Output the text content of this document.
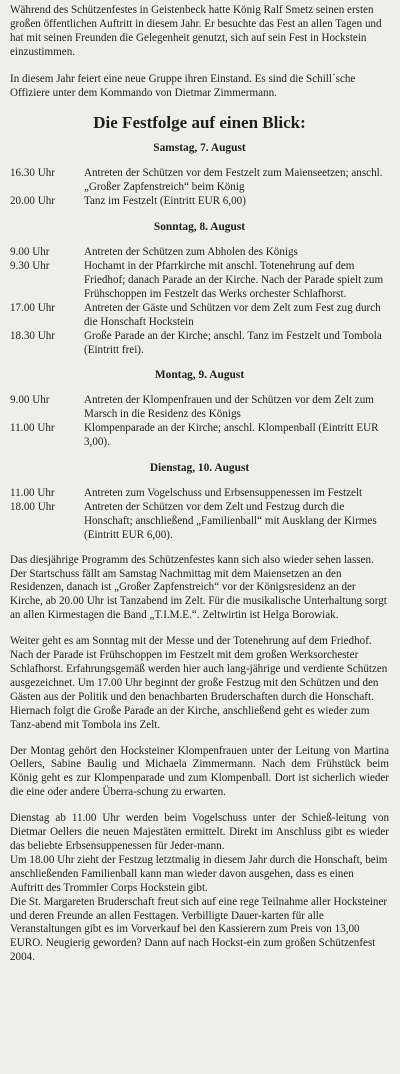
Während des Schützenfestes in Geistenbeck hatte König Ralf Smetz seinen ersten großen öffentlichen Auftritt in diesem Jahr. Er besuchte das Fest an allen Tagen und hat mit seinen Freunden die Gelegenheit genutzt, sich auf sein Fest in Hockstein einzustimmen.

In diesem Jahr feiert eine neue Gruppe ihren Einstand. Es sind die Schill´sche Offiziere unter dem Kommando von Dietmar Zimmermann.

Die Festfolge auf einen Blick:
Samstag, 7. August
16.30 Uhr	Antreten der Schützen vor dem Festzelt zum Maienseetzen; anschl. „Großer Zapfenstreich“ beim König
20.00 Uhr	Tanz im Festzelt (Eintritt EUR 6,00)
Sonntag, 8. August
9.00 Uhr	Antreten der Schützen zum Abholen des Königs
9.30 Uhr	Hochamt in der Pfarrkirche mit anschl. Totenehrung auf dem Friedhof; danach Parade an der Kirche. Nach der Parade spielt zum Frühschoppen im Festzelt das Werks orchester Schlafhorst.
17.00 Uhr	Antreten der Gäste und Schützen vor dem Zelt zum Fest zug durch die Honschaft Hockstein
18.30 Uhr	Große Parade an der Kirche; anschl. Tanz im Festzelt und Tombola (Eintritt frei).
Montag, 9. August
9.00 Uhr	Antreten der Klompenfrauen und der Schützen vor dem Zelt zum Marsch in die Residenz des Königs
11.00 Uhr	Klompenparade an der Kirche; anschl. Klompenball (Eintritt EUR 3,00).
Dienstag, 10. August
11.00 Uhr	Antreten zum Vogelschuss und Erbsensuppenessen im Festzelt
18.00 Uhr	Antreten der Schützen vor dem Zelt und Festzug durch die Honschaft; anschließend „Familienball“ mit Ausklang der Kirmes (Eintritt EUR 6,00).

Das diesjährige Programm des Schützenfestes kann sich also wieder sehen lassen. Der Startschuss fällt am Samstag Nachmittag mit dem Maiensetzen an den Residenzen, danach ist „Großer Zapfenstreich“ vor der Königsresidenz an der Kirche, ab 20.00 Uhr ist Tanzabend im Zelt. Für die musikalische Unterhaltung sorgt an allen Kirmestagen die Band „T.I.M.E.“. Zeltwirtin ist Helga Borowiak.

Weiter geht es am Sonntag mit der Messe und der Totenehrung auf dem Friedhof. Nach der Parade ist Frühschoppen im Festzelt mit dem großen Werksorchester Schlafhorst. Erfahrungsgemäß werden hier auch lang-jährige und verdiente Schützen ausgezeichnet. Um 17.00 Uhr beginnt der große Festzug mit den Schützen und den Gästen aus der Politik und den benachbarten Bruderschaften durch die Honschaft. Hiernach folgt die Große Parade an der Kirche, anschließend geht es wieder zum Tanz-abend mit Tombola ins Zelt.

Der Montag gehört den Hocksteiner Klompenfrauen unter der Leitung von Martina Oellers, Sabine Baulig und Michaela Zimmermann. Nach dem Frühstück beim König geht es zur Klompenparade und zum Klompenball. Dort ist sicherlich wieder die eine oder andere Überra-schung zu erwarten.

Dienstag ab 11.00 Uhr werden beim Vogelschuss unter der Schieß-leitung von Dietmar Oellers die neuen Majestäten ermittelt. Direkt im Anschluss gibt es wieder das beliebte Erbsensuppenessen für Jeder-mann.

Um 18.00 Uhr zieht der Festzug letztmalig in diesem Jahr durch die Honschaft, beim anschließenden Familienball kann man wieder davon ausgehen, dass es einen Auftritt des Trommler Corps Hockstein gibt.

Die St. Margareten Bruderschaft freut sich auf eine rege Teilnahme aller Hocksteiner und deren Freunde an allen Festtagen. Verbilligte Dauer-karten für alle Veranstaltungen gibt es im Vorverkauf bei den Kassierern zum Preis von 13,00 EURO. Neugierig geworden? Dann auf nach Hockst-ein zum großen Schützenfest 2004.
